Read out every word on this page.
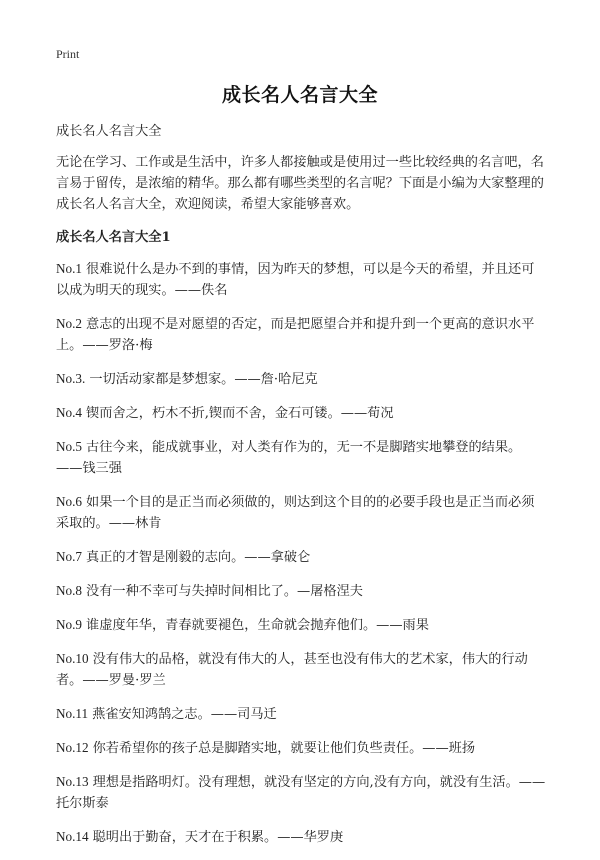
Print

成长名人名言大全

成长名人名言大全

无论在学习、工作或是生活中，许多人都接触或是使用过一些比较经典的名言吧，名言易于留传，是浓缩的精华。那么都有哪些类型的名言呢？下面是小编为大家整理的成长名人名言大全，欢迎阅读，希望大家能够喜欢。

成长名人名言大全1

No.1 很难说什么是办不到的事情，因为昨天的梦想，可以是今天的希望，并且还可以成为明天的现实。——佚名

No.2 意志的出现不是对愿望的否定，而是把愿望合并和提升到一个更高的意识水平上。——罗洛·梅

No.3. 一切活动家都是梦想家。——詹·哈尼克

No.4 锲而舍之，朽木不折,锲而不舍，金石可镂。——荀况

No.5 古往今来，能成就事业，对人类有作为的，无一不是脚踏实地攀登的结果。——钱三强

No.6 如果一个目的是正当而必须做的，则达到这个目的的必要手段也是正当而必须采取的。——林肯

No.7 真正的才智是刚毅的志向。——拿破仑

No.8 没有一种不幸可与失掉时间相比了。—屠格涅夫

No.9 谁虚度年华，青春就要褪色，生命就会抛弃他们。——雨果

No.10 没有伟大的品格，就没有伟大的人，甚至也没有伟大的艺术家，伟大的行动者。——罗曼·罗兰

No.11 燕雀安知鸿鹄之志。——司马迁

No.12 你若希望你的孩子总是脚踏实地，就要让他们负些责任。——班扬

No.13 理想是指路明灯。没有理想，就没有坚定的方向,没有方向，就没有生活。——托尔斯泰

No.14 聪明出于勤奋，天才在于积累。——华罗庚
